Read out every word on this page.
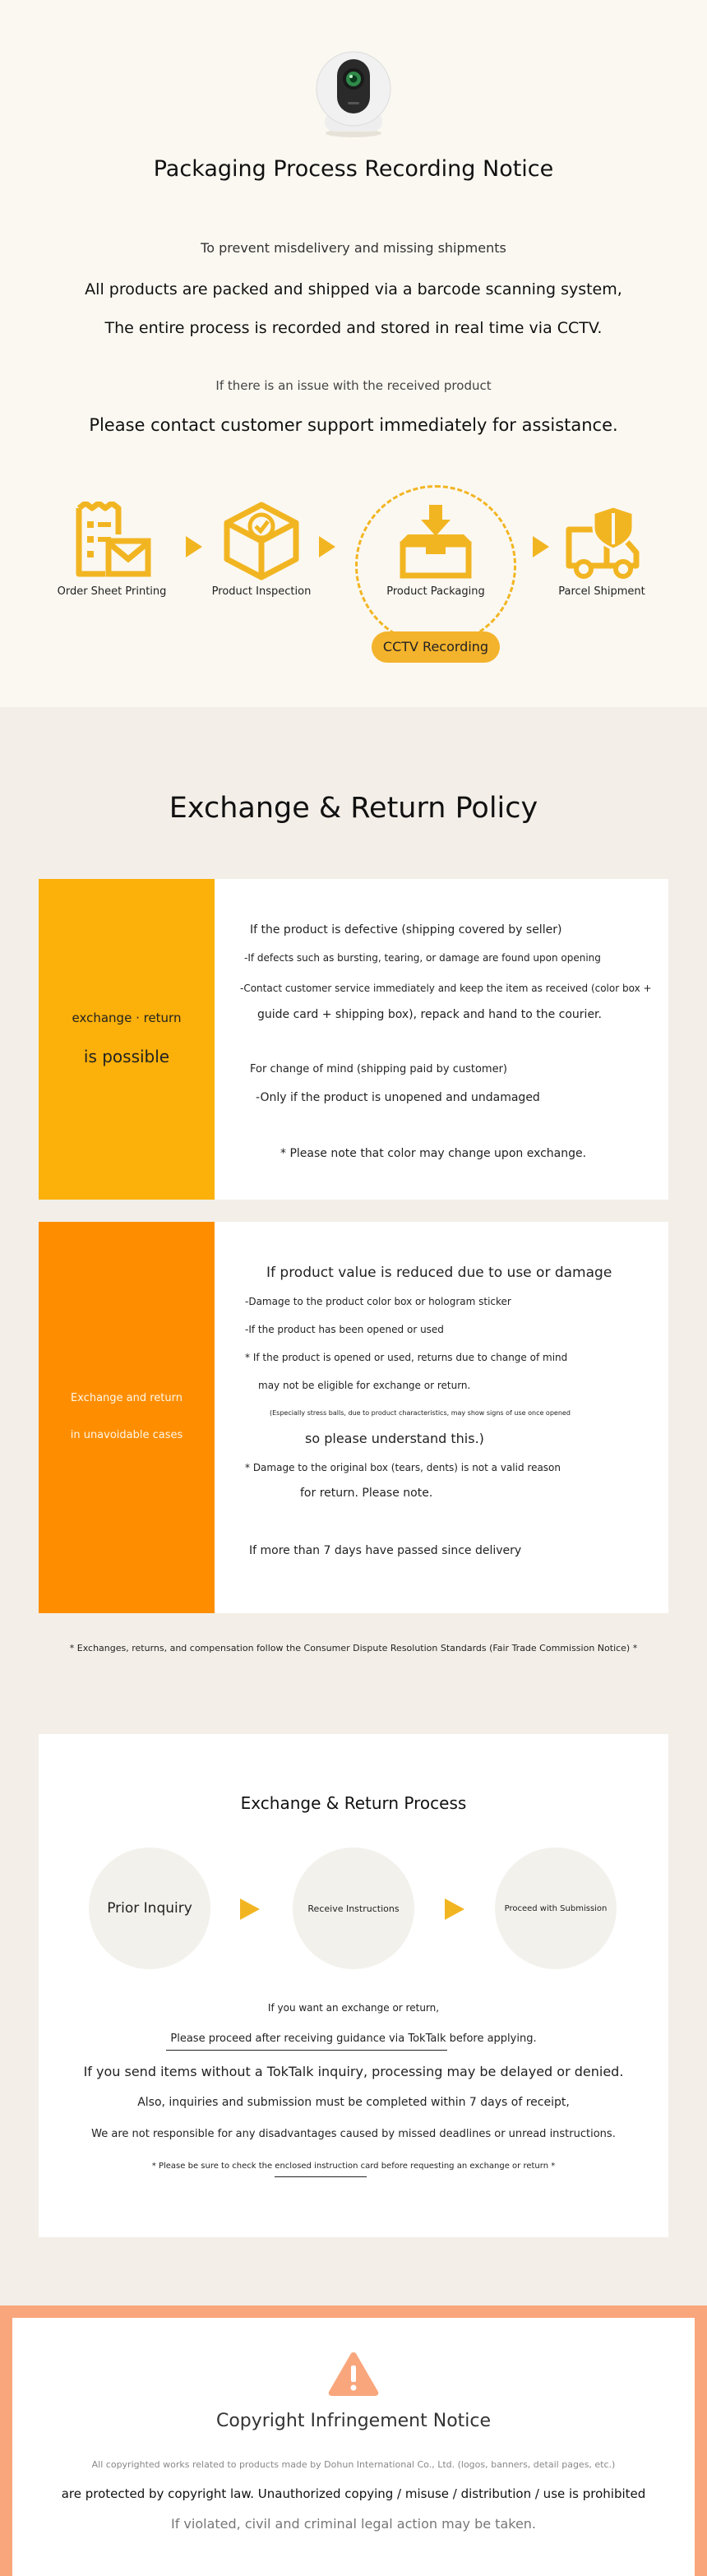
Packaging Process Recording Notice
To prevent misdelivery and missing shipments
All products are packed and shipped via a barcode scanning system,
The entire process is recorded and stored in real time via CCTV.
If there is an issue with the received product
Please contact customer support immediately for assistance.
Order Sheet Printing	Product Inspection	Product Packaging	Parcel Shipment
CCTV Recording
Exchange & Return Policy
exchange · return
is possible
If the product is defective (shipping covered by seller)
-If defects such as bursting, tearing, or damage are found upon opening
-Contact customer service immediately and keep the item as received (color box +
guide card + shipping box), repack and hand to the courier.
For change of mind (shipping paid by customer)
-Only if the product is unopened and undamaged
* Please note that color may change upon exchange.
Exchange and return
in unavoidable cases
If product value is reduced due to use or damage
-Damage to the product color box or hologram sticker
-If the product has been opened or used
* If the product is opened or used, returns due to change of mind
may not be eligible for exchange or return.
(Especially stress balls, due to product characteristics, may show signs of use once opened
so please understand this.)
* Damage to the original box (tears, dents) is not a valid reason
for return. Please note.
If more than 7 days have passed since delivery
* Exchanges, returns, and compensation follow the Consumer Dispute Resolution Standards (Fair Trade Commission Notice) *
Exchange & Return Process
Prior Inquiry	Receive Instructions	Proceed with Submission
If you want an exchange or return,
Please proceed after receiving guidance via TokTalk before applying.
If you send items without a TokTalk inquiry, processing may be delayed or denied.
Also, inquiries and submission must be completed within 7 days of receipt,
We are not responsible for any disadvantages caused by missed deadlines or unread instructions.
* Please be sure to check the enclosed instruction card before requesting an exchange or return *
Copyright Infringement Notice
All copyrighted works related to products made by Dohun International Co., Ltd. (logos, banners, detail pages, etc.)
are protected by copyright law. Unauthorized copying / misuse / distribution / use is prohibited
If violated, civil and criminal legal action may be taken.
